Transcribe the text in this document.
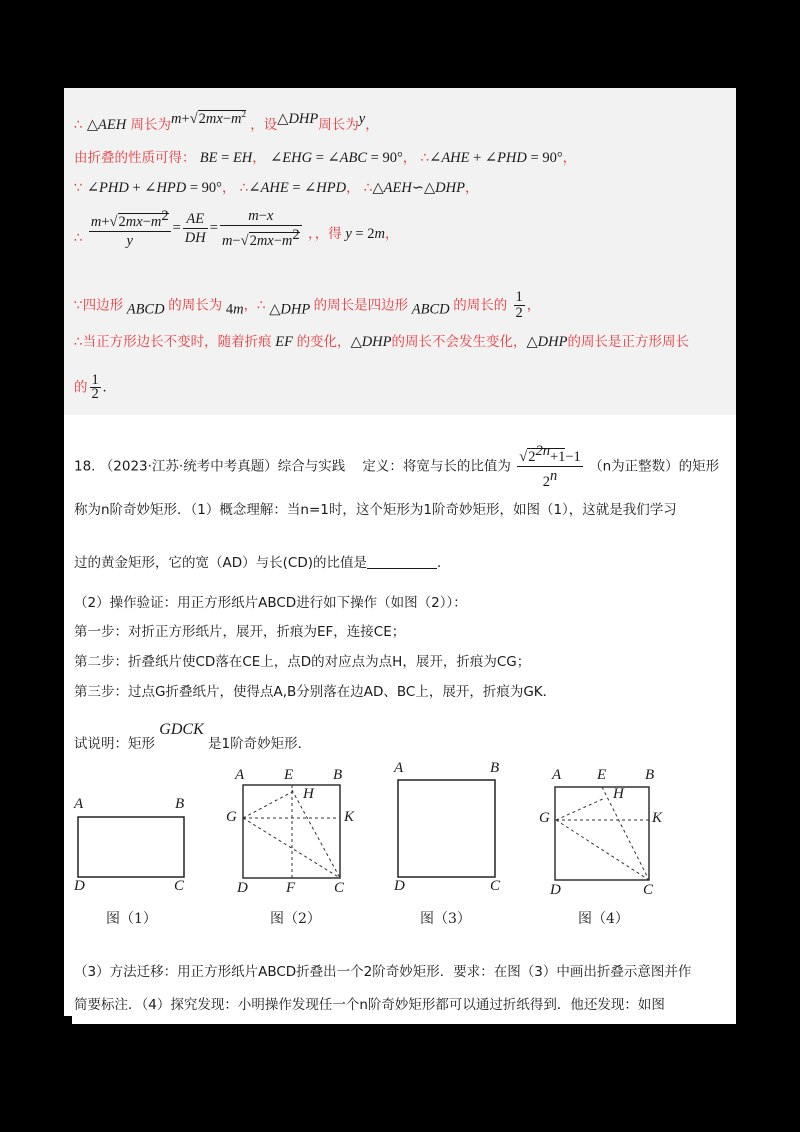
∴ △AEH 周长为$m+√2mx-m^2$ ，设△DHP周长为y，
由折叠的性质可得： BE = EH， ∠EHG = ∠ABC = 90°， ∴∠AHE + ∠PHD = 90°，
∵ ∠PHD + ∠HPD = 90°， ∴∠AHE = ∠HPD， ∴△AEH∽△DHP，
∴ $\frac{m+√2mx-m^2}{y} = \frac{AE}{DH} = \frac{m-x}{m-√2mx-m^2}$ ，，得 y = 2m，
∵四边形 ABCD 的周长为 4m，∴ △DHP 的周长是四边形 ABCD 的周长的 $\frac{1}{2}$ ，
∴当正方形边长不变时，随着折痕 EF 的变化，△DHP的周长不会发生变化，△DHP的周长是正方形周长
的 $\frac{1}{2}$ .
18. （2023·江苏·统考中考真题）综合与实践 定义：将宽与长的比值为 $\frac{√2^{2n}+1-1}{2^n} (n$为正整数）的矩形
称为n阶奇妙矩形．（1）概念理解：当n=1时，这个矩形为1阶奇妙矩形，如图（1），这就是我们学习
过的黄金矩形，它的宽（AD）与长(CD)的比值是	．
（2）操作验证：用正方形纸片ABCD进行如下操作（如图（2））：
第一步：对折正方形纸片，展开，折痕为EF，连接CE；
第二步：折叠纸片使CD落在CE上，点D的对应点为点H，展开，折痕为CG；
第三步：过点G折叠纸片，使得点A,B分别落在边AD、BC上，展开，折痕为GK．
试说明：矩形 GDCK 是1阶奇妙矩形．
A	B
D	C
图（1）
A	E	B
H
G	K
D	F	C
图（2）
A	B
D	C
图（3）
A E	B
H
G	K
D	C
图（4）
（3）方法迁移：用正方形纸片ABCD折叠出一个2阶奇妙矩形．要求：在图（3）中画出折叠示意图并作
简要标注．（4）探究发现：小明操作发现任一个n阶奇妙矩形都可以通过折纸得到．他还发现：如图
